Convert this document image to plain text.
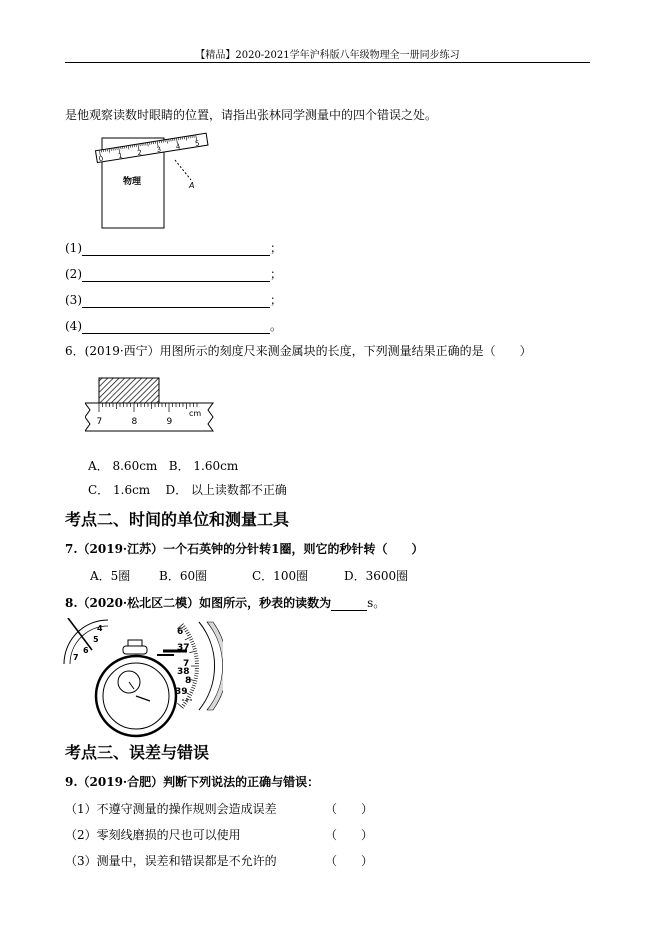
【精品】2020-2021学年沪科版八年级物理全一册同步练习
是他观察读数时眼睛的位置，请指出张林同学测量中的四个错误之处。
物理
0 1 2 3 4 5
A
(1)	；
(2)	；
(3)	；
(4)	。
6．(2019·西宁）用图所示的刻度尺来测金属块的长度，下列测量结果正确的是（　　）
7	8	9
cm
A． 8.60cm B． 1.60cm
C． 1.6cm D． 以上读数都不正确
考点二、时间的单位和测量工具
7.（2019·江苏）一个石英钟的分针转1圈，则它的秒针转（　　）
A．5圈 B．60圈	C．100圈	D．3600圈
8.（2020·松北区二模）如图所示，秒表的读数为	s。
4
5
6
7
6
37
7
38
8
39
考点三、误差与错误
9.（2019·合肥）判断下列说法的正确与错误：
（1）不遵守测量的操作规则会造成误差	（　　）
（2）零刻线磨损的尺也可以使用	（　　）
（3）测量中，误差和错误都是不允许的	（　　）
